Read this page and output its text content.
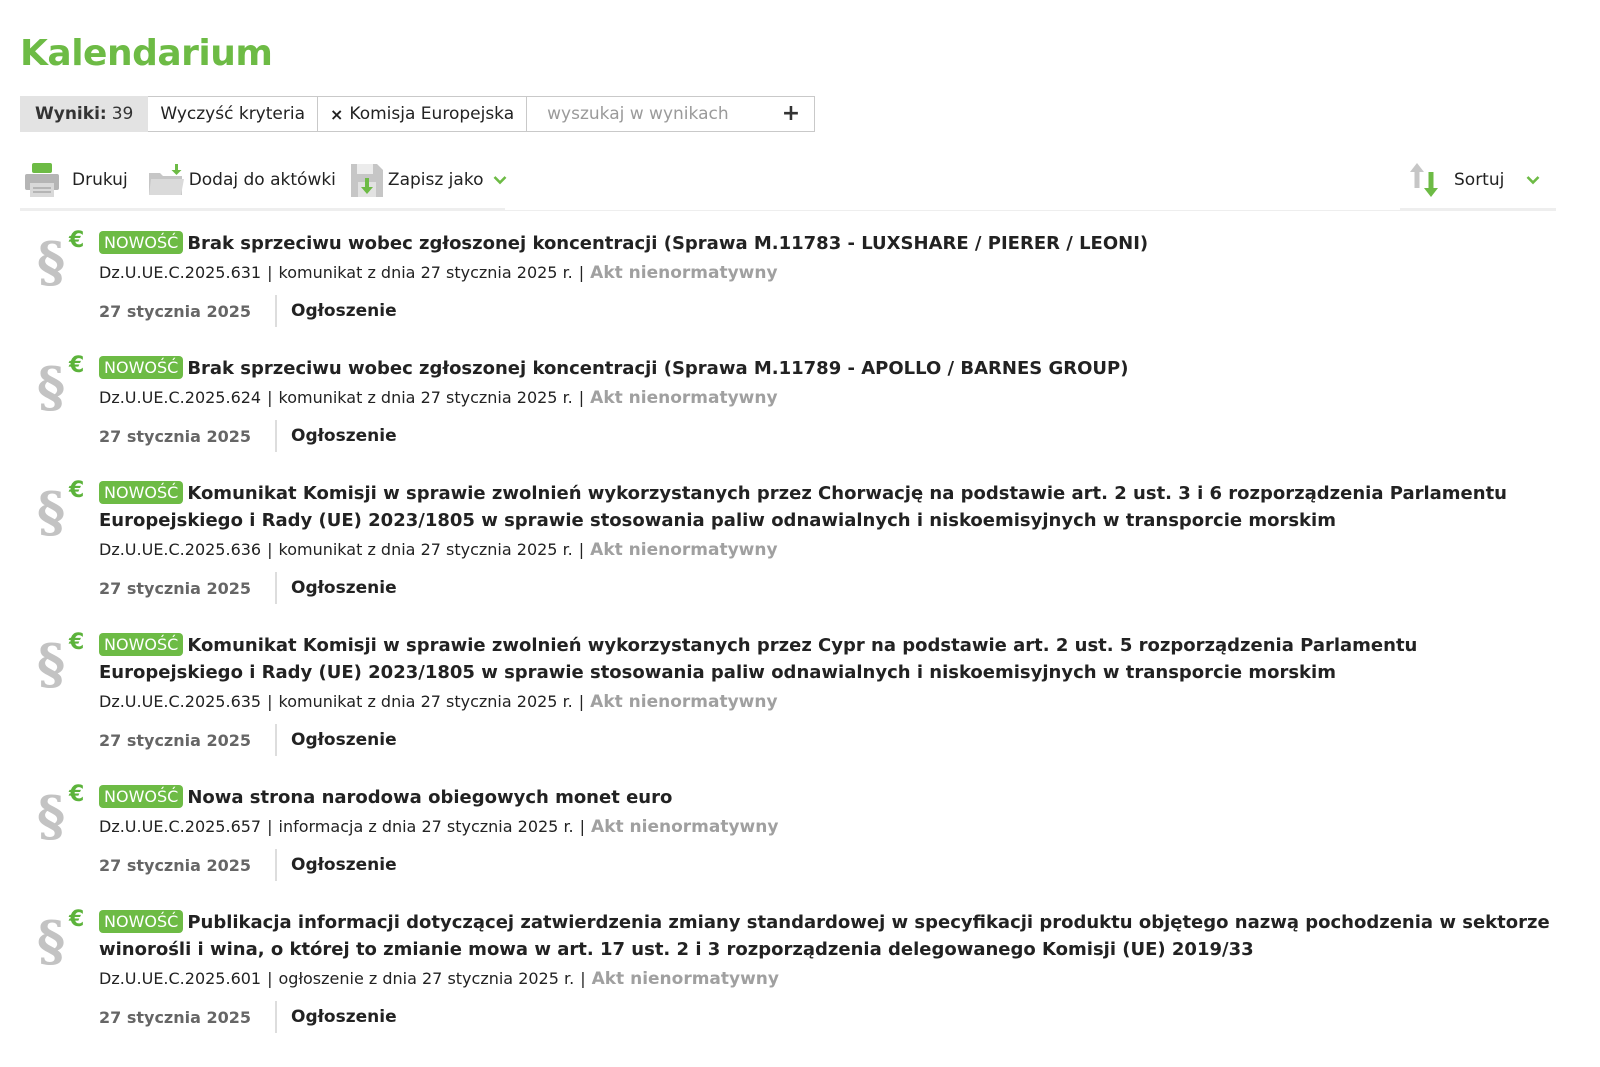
Kalendarium
Wyniki: 39 Wyczyść kryteria × Komisja Europejska
wyszukaj w wynikach	+
Drukuj	Dodaj do aktówki	Zapisz jako	Sortuj
§ €	NOWOŚĆ Brak sprzeciwu wobec zgłoszonej koncentracji (Sprawa M.11783 - LUXSHARE / PIERER / LEONI)
Dz.U.UE.C.2025.631 | komunikat z dnia 27 stycznia 2025 r. | Akt nienormatywny
27 stycznia 2025	Ogłoszenie
§ €	NOWOŚĆ Brak sprzeciwu wobec zgłoszonej koncentracji (Sprawa M.11789 - APOLLO / BARNES GROUP)
Dz.U.UE.C.2025.624 | komunikat z dnia 27 stycznia 2025 r. | Akt nienormatywny
27 stycznia 2025	Ogłoszenie
§ €	NOWOŚĆ Komunikat Komisji w sprawie zwolnień wykorzystanych przez Chorwację na podstawie art. 2 ust. 3 i 6 rozporządzenia Parlamentu Europejskiego i Rady (UE) 2023/1805 w sprawie stosowania paliw odnawialnych i niskoemisyjnych w transporcie morskim
Dz.U.UE.C.2025.636 | komunikat z dnia 27 stycznia 2025 r. | Akt nienormatywny
27 stycznia 2025	Ogłoszenie
§ €	NOWOŚĆ Komunikat Komisji w sprawie zwolnień wykorzystanych przez Cypr na podstawie art. 2 ust. 5 rozporządzenia Parlamentu Europejskiego i Rady (UE) 2023/1805 w sprawie stosowania paliw odnawialnych i niskoemisyjnych w transporcie morskim
Dz.U.UE.C.2025.635 | komunikat z dnia 27 stycznia 2025 r. | Akt nienormatywny
27 stycznia 2025	Ogłoszenie
§ €	NOWOŚĆ Nowa strona narodowa obiegowych monet euro
Dz.U.UE.C.2025.657 | informacja z dnia 27 stycznia 2025 r. | Akt nienormatywny
27 stycznia 2025	Ogłoszenie
§ €	NOWOŚĆ Publikacja informacji dotyczącej zatwierdzenia zmiany standardowej w specyfikacji produktu objętego nazwą pochodzenia w sektorze winorośli i wina, o której to zmianie mowa w art. 17 ust. 2 i 3 rozporządzenia delegowanego Komisji (UE) 2019/33
Dz.U.UE.C.2025.601 | ogłoszenie z dnia 27 stycznia 2025 r. | Akt nienormatywny
27 stycznia 2025	Ogłoszenie
